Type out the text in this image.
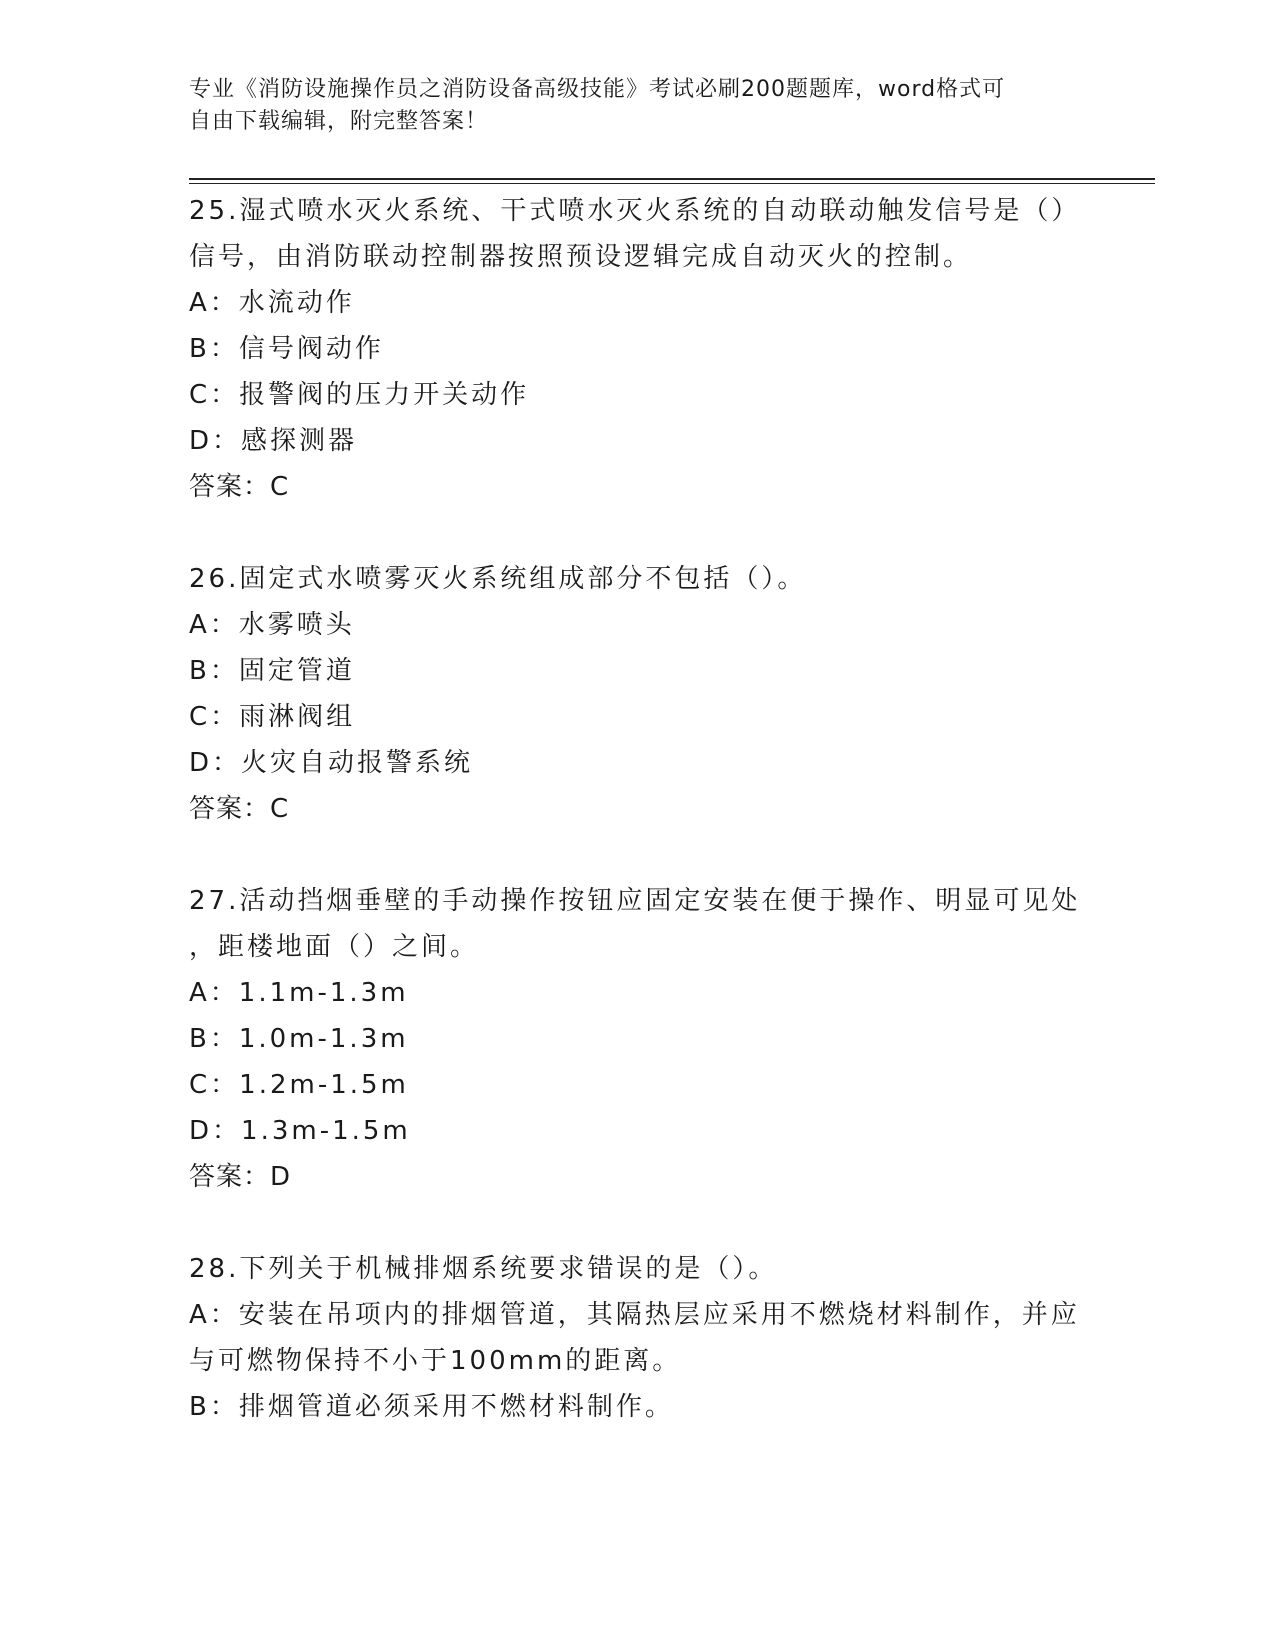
专业《消防设施操作员之消防设备高级技能》考试必刷200题题库，word格式可
自由下载编辑，附完整答案！
25.湿式喷水灭火系统、干式喷水灭火系统的自动联动触发信号是（）
信号，由消防联动控制器按照预设逻辑完成自动灭火的控制。
A：水流动作
B：信号阀动作
C：报警阀的压力开关动作
D：感探测器
答案：C
26.固定式水喷雾灭火系统组成部分不包括（）。
A：水雾喷头
B：固定管道
C：雨淋阀组
D：火灾自动报警系统
答案：C
27.活动挡烟垂壁的手动操作按钮应固定安装在便于操作、明显可见处
，距楼地面（）之间。
A：1.1m-1.3m
B：1.0m-1.3m
C：1.2m-1.5m
D：1.3m-1.5m
答案：D
28.下列关于机械排烟系统要求错误的是（）。
A：安装在吊项内的排烟管道，其隔热层应采用不燃烧材料制作，并应
与可燃物保持不小于100mm的距离。
B：排烟管道必须采用不燃材料制作。
